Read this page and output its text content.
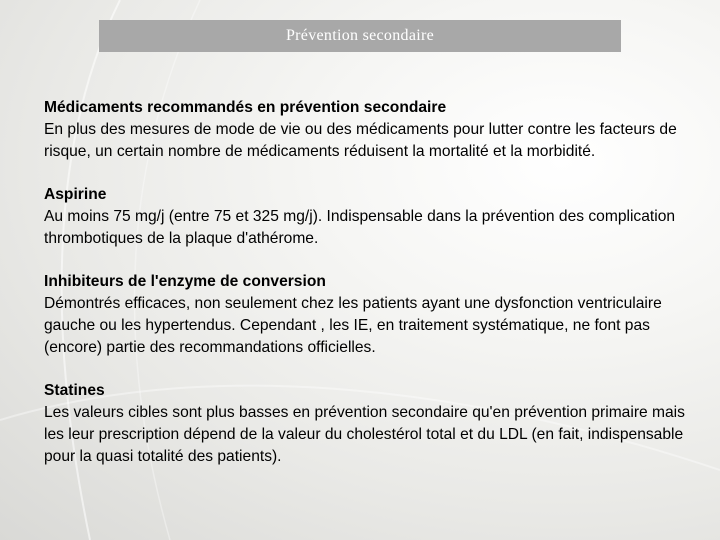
Prévention secondaire
Médicaments recommandés en prévention secondaire
En plus des mesures de mode de vie ou des médicaments pour lutter contre les facteurs de risque, un certain nombre de médicaments réduisent la mortalité et la morbidité.
Aspirine
Au moins 75 mg/j (entre 75 et 325 mg/j). Indispensable dans la prévention des complication thrombotiques de la plaque d'athérome.
Inhibiteurs de l'enzyme de conversion
Démontrés efficaces, non seulement chez les patients ayant une dysfonction ventriculaire gauche ou les hypertendus. Cependant , les IE, en traitement systématique, ne font pas (encore) partie des recommandations officielles.
Statines
Les valeurs cibles sont plus basses en prévention secondaire qu'en prévention primaire mais les leur prescription dépend de la valeur du cholestérol total et du LDL (en fait, indispensable pour la quasi totalité des patients).
